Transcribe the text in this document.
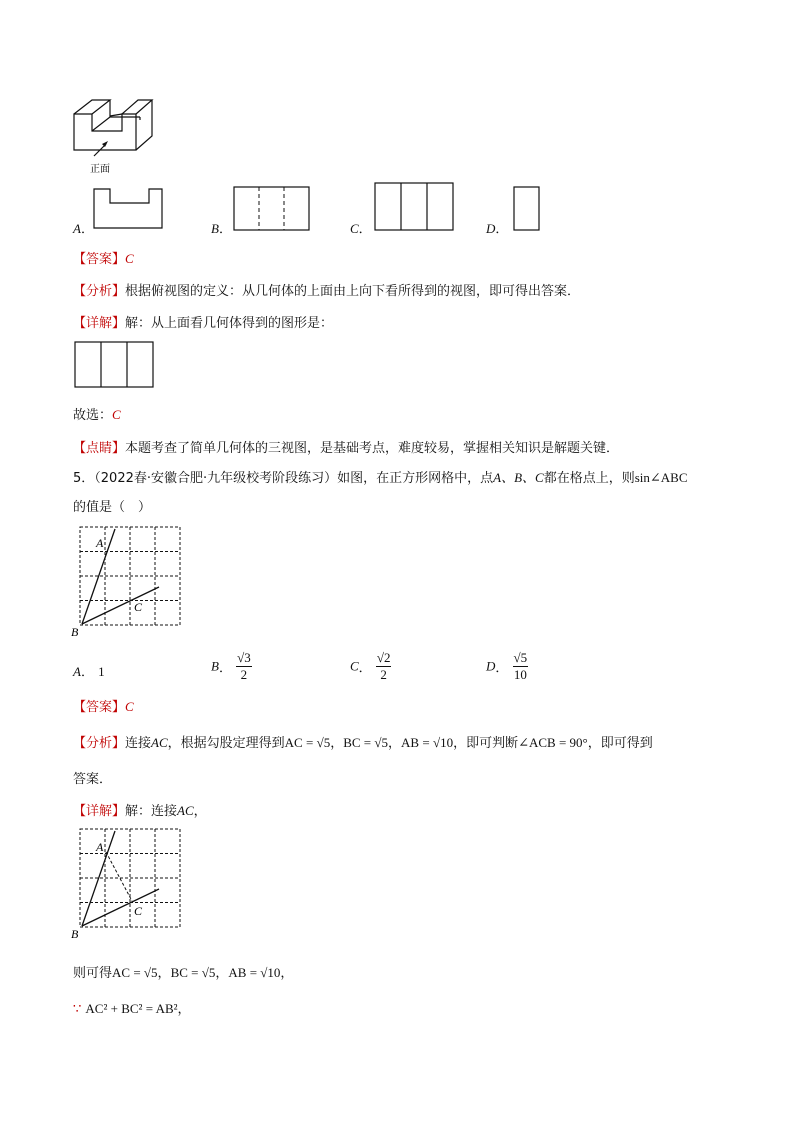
正面
A．	B．	C．	D．
【答案】C
【分析】根据俯视图的定义：从几何体的上面由上向下看所得到的视图，即可得出答案．
【详解】解：从上面看几何体得到的图形是：
故选：C
【点睛】本题考查了简单几何体的三视图，是基础考点，难度较易，掌握相关知识是解题关键．
5．（2022春·安徽合肥·九年级校考阶段练习）如图，在正方形网格中，点A、B、C都在格点上，则sin∠ABC
的值是（　）
A
C
B
A． 1	B． $\frac{√3}{2}$	C． $\frac{√2}{2}$	D． $\frac{√5}{10}$
【答案】C
【分析】连接AC，根据勾股定理得到AC = √5，BC = √5，AB = √10，即可判断∠ACB = 90°，即可得到
答案．
【详解】解：连接AC，
A
C
B
则可得AC = √5，BC = √5，AB = √10，
∵ AC² + BC² = AB²，
